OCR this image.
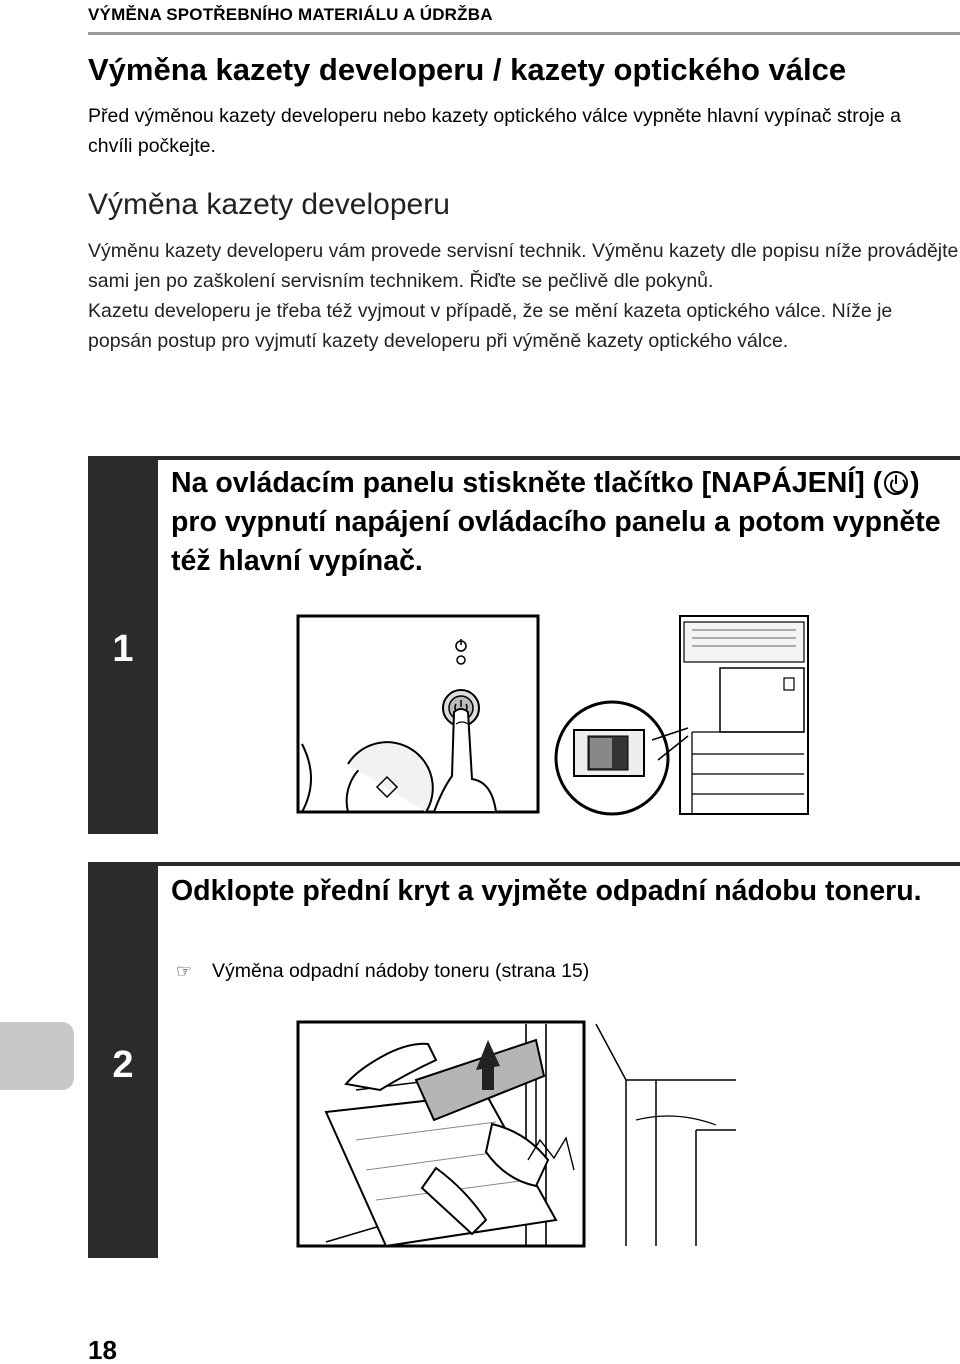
VÝMĚNA SPOTŘEBNÍHO MATERIÁLU A ÚDRŽBA
Výměna kazety developeru / kazety optického válce
Před výměnou kazety developeru nebo kazety optického válce vypněte hlavní vypínač stroje a chvíli počkejte.
Výměna kazety developeru

Výměnu kazety developeru vám provede servisní technik. Výměnu kazety dle popisu níže provádějte sami jen po zaškolení servisním technikem. Řiďte se pečlivě dle pokynů.

Kazetu developeru je třeba též vyjmout v případě, že se mění kazeta optického válce. Níže je popsán postup pro vyjmutí kazety developeru při výměně kazety optického válce.

1
Na ovládacím panelu stiskněte tlačítko [NAPÁJENÍ] ( ) pro vypnutí napájení ovládacího panelu a potom vypněte též hlavní vypínač.
2
Odklopte přední kryt a vyjměte odpadní nádobu toneru.
☞ Výměna odpadní nádoby toneru (strana 15)
18
